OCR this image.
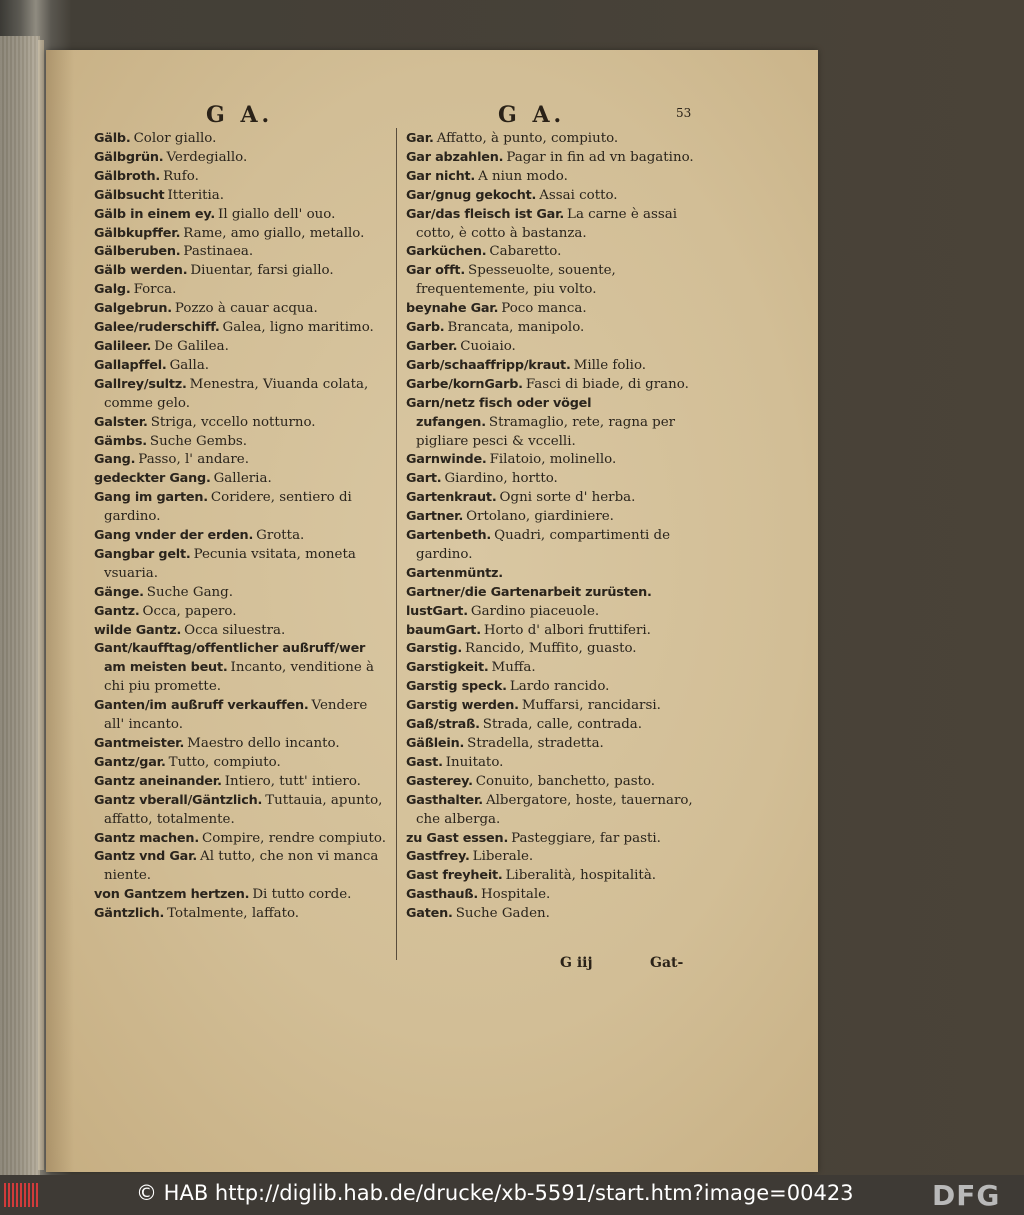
G A.	G A.	53

Gälb. Color giallo.

Gälbgrün. Verdegiallo.

Gälbroth. Rufo.

Gälbsucht Itteritia.

Gälb in einem ey. Il giallo dell' ouo.

Gälbkupffer. Rame, amo giallo, metallo.

Gälberuben. Pastinaea.

Gälb werden. Diuentar, farsi giallo.

Galg. Forca.

Galgebrun. Pozzo à cauar acqua.

Galee/ruderschiff. Galea, ligno maritimo.

Galileer. De Galilea.

Gallapffel. Galla.

Gallrey/sultz. Menestra, Viuanda colata, comme gelo.

Galster. Striga, vccello notturno.

Gämbs. Suche Gembs.

Gang. Passo, l' andare.

gedeckter Gang. Galleria.

Gang im garten. Coridere, sentiero di gardino.

Gang vnder der erden. Grotta.

Gangbar gelt. Pecunia vsitata, moneta vsuaria.

Gänge. Suche Gang.

Gantz. Occa, papero.

wilde Gantz. Occa siluestra.

Gant/kaufftag/offentlicher außruff/wer am meisten beut. Incanto, venditione à chi piu promette.

Ganten/im außruff verkauffen. Vendere all' incanto.

Gantmeister. Maestro dello incanto.

Gantz/gar. Tutto, compiuto.

Gantz aneinander. Intiero, tutt' intiero.

Gantz vberall/Gäntzlich. Tuttauia, apunto, affatto, totalmente.

Gantz machen. Compire, rendre compiuto.

Gantz vnd Gar. Al tutto, che non vi manca niente.

von Gantzem hertzen. Di tutto corde.

Gäntzlich. Totalmente, laffato.

Gar. Affatto, à punto, compiuto.

Gar abzahlen. Pagar in fin ad vn bagatino.

Gar nicht. A niun modo.

Gar/gnug gekocht. Assai cotto.

Gar/das fleisch ist Gar. La carne è assai cotto, è cotto à bastanza.

Garküchen. Cabaretto.

Gar offt. Spesseuolte, souente, frequentemente, piu volto.

beynahe Gar. Poco manca.

Garb. Brancata, manipolo.

Garber. Cuoiaio.

Garb/schaaffripp/kraut. Mille folio.

Garbe/kornGarb. Fasci di biade, di grano.

Garn/netz fisch oder vögel zufangen. Stramaglio, rete, ragna per pigliare pesci & vccelli.

Garnwinde. Filatoio, molinello.

Gart. Giardino, hortto.

Gartenkraut. Ogni sorte d' herba.

Gartner. Ortolano, giardiniere.

Gartenbeth. Quadri, compartimenti de gardino.

Gartenmüntz.

Gartner/die Gartenarbeit zurüsten.

lustGart. Gardino piaceuole.

baumGart. Horto d' albori fruttiferi.

Garstig. Rancido, Muffito, guasto.

Garstigkeit. Muffa.

Garstig speck. Lardo rancido.

Garstig werden. Muffarsi, rancidarsi.

Gaß/straß. Strada, calle, contrada.

Gäßlein. Stradella, stradetta.

Gast. Inuitato.

Gasterey. Conuito, banchetto, pasto.

Gasthalter. Albergatore, hoste, tauernaro, che alberga.

zu Gast essen. Pasteggiare, far pasti.

Gastfrey. Liberale.

Gast freyheit. Liberalità, hospitalità.

Gasthauß. Hospitale.

Gaten. Suche Gaden.

G iij	Gat-
© HAB http://diglib.hab.de/drucke/xb-5591/start.htm?image=00423	DFG
